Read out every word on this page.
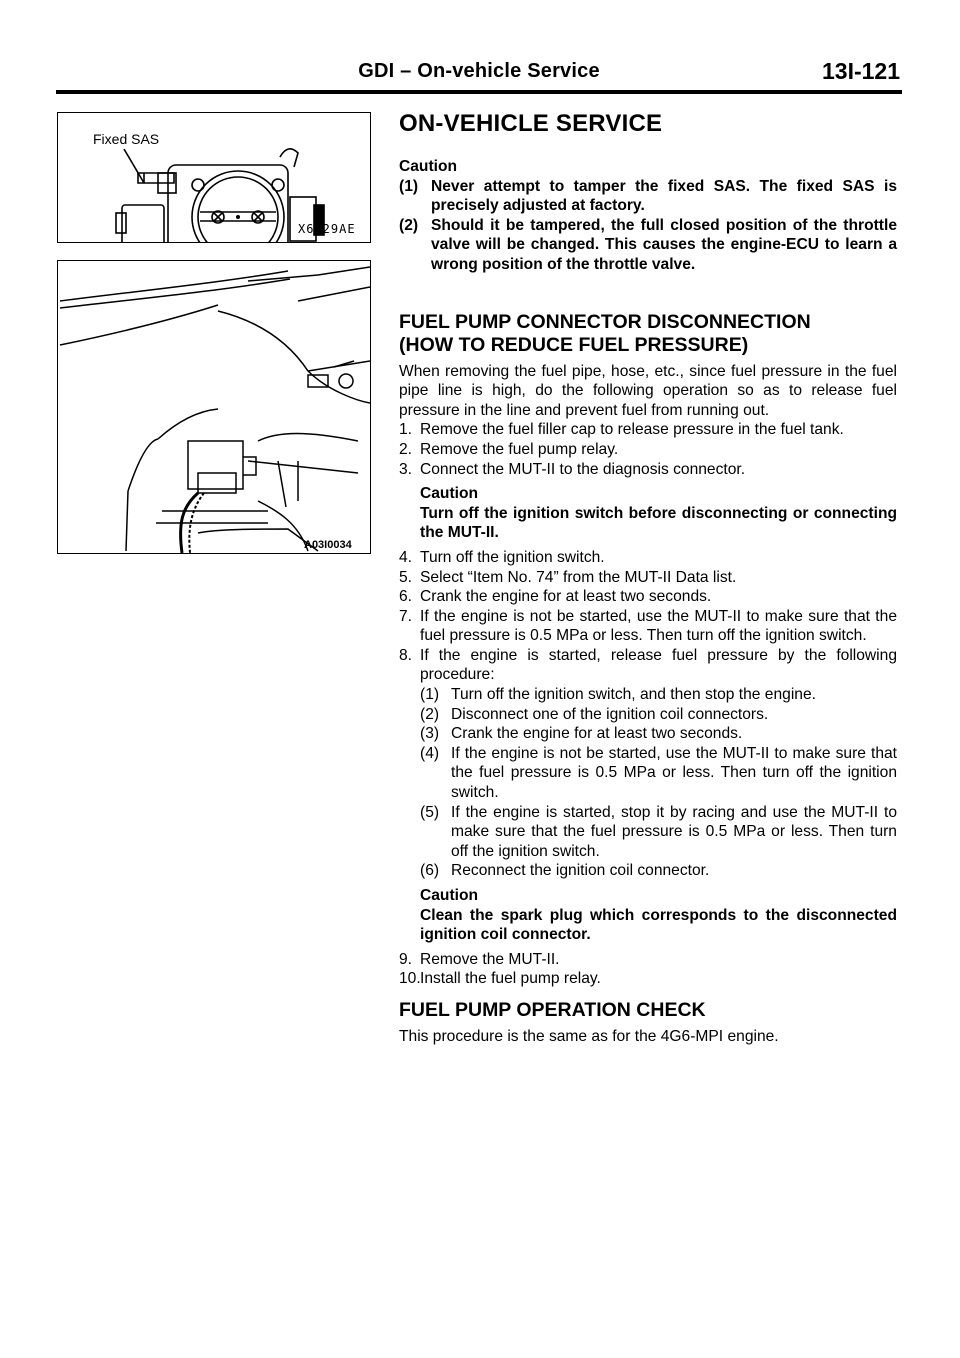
GDI – On-vehicle Service	13I-121
Fixed SAS
X6029AE
A03I0034
ON-VEHICLE SERVICE

Caution

(1) Never attempt to tamper the fixed SAS. The fixed SAS is precisely adjusted at factory.
(2) Should it be tampered, the full closed position of the throttle valve will be changed. This causes the engine-ECU to learn a wrong position of the throttle valve.
FUEL PUMP CONNECTOR DISCONNECTION
(HOW TO REDUCE FUEL PRESSURE)

When removing the fuel pipe, hose, etc., since fuel pressure in the fuel pipe line is high, do the following operation so as to release fuel pressure in the line and prevent fuel from running out.

1. Remove the fuel filler cap to release pressure in the fuel tank.
2. Remove the fuel pump relay.
3. Connect the MUT-II to the diagnosis connector.

Caution

Turn off the ignition switch before disconnecting or connecting the MUT-II.

4. Turn off the ignition switch.
5. Select “Item No. 74” from the MUT-II Data list.
6. Crank the engine for at least two seconds.
7. If the engine is not be started, use the MUT-II to make sure that the fuel pressure is 0.5 MPa or less. Then turn off the ignition switch.
8. If the engine is started, release fuel pressure by the following procedure:
(1) Turn off the ignition switch, and then stop the engine.
(2) Disconnect one of the ignition coil connectors.
(3) Crank the engine for at least two seconds.
(4) If the engine is not be started, use the MUT-II to make sure that the fuel pressure is 0.5 MPa or less. Then turn off the ignition switch.
(5) If the engine is started, stop it by racing and use the MUT-II to make sure that the fuel pressure is 0.5 MPa or less. Then turn off the ignition switch.
(6) Reconnect the ignition coil connector.

Caution

Clean the spark plug which corresponds to the disconnected ignition coil connector.

9. Remove the MUT-II.
10. Install the fuel pump relay.
FUEL PUMP OPERATION CHECK

This procedure is the same as for the 4G6-MPI engine.
